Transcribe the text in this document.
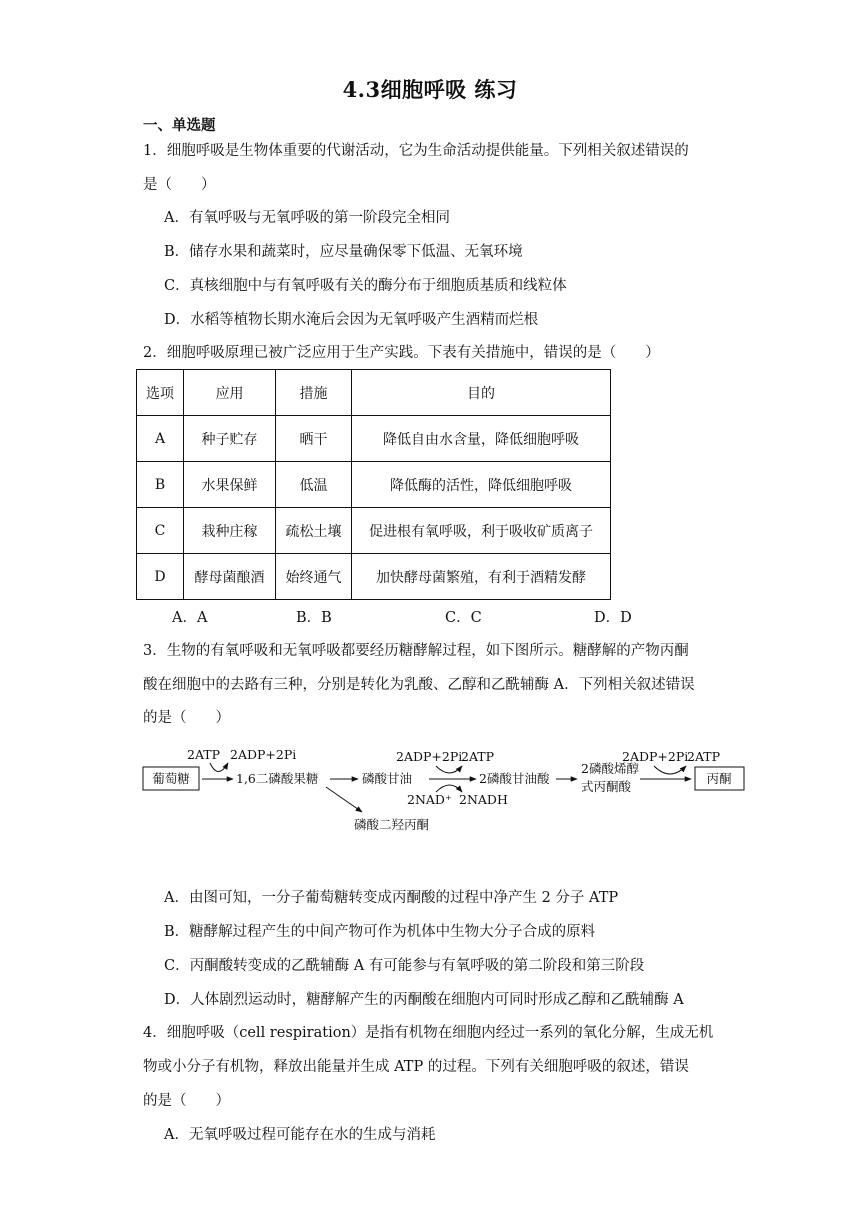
4.3细胞呼吸 练习
一、单选题
1．细胞呼吸是生物体重要的代谢活动，它为生命活动提供能量。下列相关叙述错误的
是（　　）
A．有氧呼吸与无氧呼吸的第一阶段完全相同
B．储存水果和蔬菜时，应尽量确保零下低温、无氧环境
C．真核细胞中与有氧呼吸有关的酶分布于细胞质基质和线粒体
D．水稻等植物长期水淹后会因为无氧呼吸产生酒精而烂根
2．细胞呼吸原理已被广泛应用于生产实践。下表有关措施中，错误的是（　　）
选项	应用	措施	目的
A	种子贮存	晒干	降低自由水含量，降低细胞呼吸
B	水果保鲜	低温	降低酶的活性，降低细胞呼吸
C	栽种庄稼	疏松土壤	促进根有氧呼吸，利于吸收矿质离子
D	酵母菌酿酒	始终通气	加快酵母菌繁殖，有利于酒精发酵
A．A	B．B	C．C	D．D
3．生物的有氧呼吸和无氧呼吸都要经历糖酵解过程，如下图所示。糖酵解的产物丙酮
酸在细胞中的去路有三种，分别是转化为乳酸、乙醇和乙酰辅酶 A．下列相关叙述错误
的是（　　）
葡萄糖
2ATP 2ADP+2Pi
1,6二磷酸果糖	磷酸甘油
磷酸二羟丙酮
2ADP+2Pi
2ATP
2NAD⁺ 2NADH
2磷酸甘油酸
2磷酸烯醇
式丙酮酸
2ADP+2Pi
2ATP
丙酮
A．由图可知，一分子葡萄糖转变成丙酮酸的过程中净产生 2 分子 ATP
B．糖酵解过程产生的中间产物可作为机体中生物大分子合成的原料
C．丙酮酸转变成的乙酰辅酶 A 有可能参与有氧呼吸的第二阶段和第三阶段
D．人体剧烈运动时，糖酵解产生的丙酮酸在细胞内可同时形成乙醇和乙酰辅酶 A
4．细胞呼吸（cell respiration）是指有机物在细胞内经过一系列的氧化分解，生成无机
物或小分子有机物，释放出能量并生成 ATP 的过程。下列有关细胞呼吸的叙述，错误
的是（　　）
A．无氧呼吸过程可能存在水的生成与消耗
